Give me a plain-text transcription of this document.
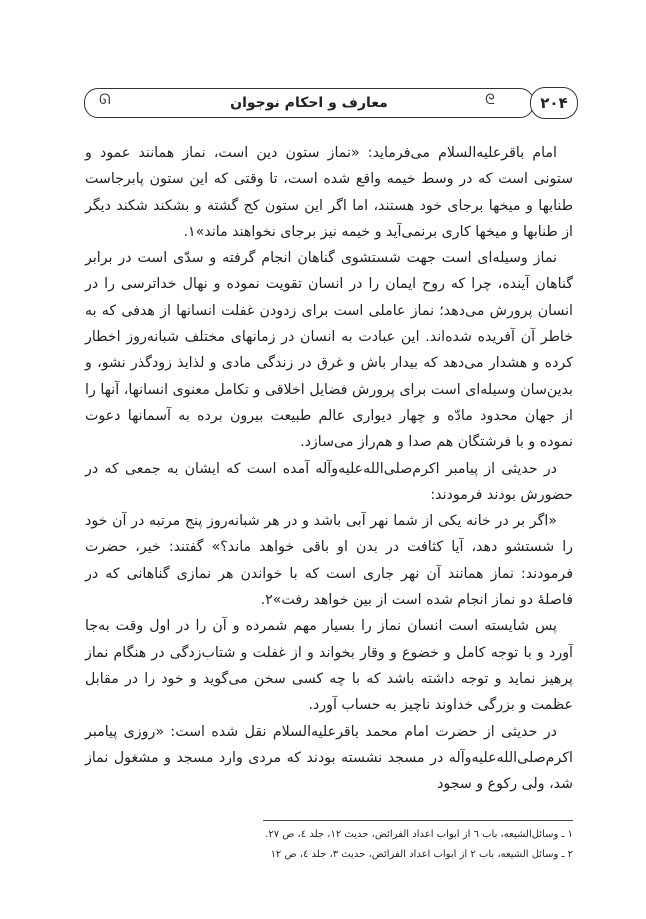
ᘏ	معارف و احکام نوجوان	ᘓ	۲۰۴

امام باقر‌علیه‌السلام می‌فرماید: «نماز ستون دین است، نماز همانند عمود و ستونی است که در وسط خیمه واقع شده است، تا وقتی که این ستون پابرجاست طنابها و میخها برجای خود هستند، اما اگر این ستون کج گشته و بشکند شکند دیگر از طنابها و میخها کاری برنمی‌آید و خیمه نیز برجای نخواهند ماند»۱.

نماز وسیله‌ای است جهت شستشوی گناهان انجام گرفته و سدّی است در برابر گناهان آینده، چرا که روح ایمان را در انسان تقویت نموده و نهال خداترسی را در انسان پرورش می‌دهد؛ نماز عاملی است برای زدودن غفلت انسانها از هدفی که به خاطر آن آفریده شده‌اند. این عبادت به انسان در زمانهای مختلف شبانه‌روز اخطار کرده و هشدار می‌دهد که بیدار باش و غرق در زندگی مادی و لذایذ زودگذر نشو، و بدین‌سان وسیله‌ای است برای پرورش فضایل اخلاقی و تکامل معنوی انسانها، آنها را از جهان محدود مادّه و چهار دیواری عالم طبیعت بیرون برده به آسمانها دعوت نموده و با فرشتگان هم صدا و هم‌راز می‌سازد.

در حدیثی از پیامبر اکرم‌صلی‌الله‌علیه‌وآله آمده است که ایشان به جمعی که در حضورش بودند فرمودند:

«اگر بر در خانه یکی از شما نهر آبی باشد و در هر شبانه‌روز پنج مرتبه در آن خود را شستشو دهد، آیا کثافت در بدن او باقی خواهد ماند؟» گفتند: خیر، حضرت فرمودند: نماز همانند آن نهر جاری است که با خواندن هر نمازی گناهانی که در فاصلهٔ دو نماز انجام شده است از بین خواهد رفت»۲.

پس شایسته است انسان نماز را بسیار مهم شمرده و آن را در اول وقت به‌جا آورد و با توجه کامل و خضوع و وقار بخواند و از غفلت و شتاب‌زدگی در هنگام نماز پرهیز نماید و توجه داشته باشد که با چه کسی سخن می‌گوید و خود را در مقابل عظمت و بزرگی خداوند ناچیز به حساب آورد.

در حدیثی از حضرت امام محمد باقر‌علیه‌السلام نقل شده است: «روزی پیامبر اکرم‌صلی‌الله‌علیه‌وآله در مسجد نشسته بودند که مردی وارد مسجد و مشغول نماز شد، ولی رکوع و سجود

۱ ـ وسائل‌الشیعه، باب ٦ از ابواب اعداد الفرائض، حدیث ۱۲، جلد ٤، ص ۲۷.
۲ ـ وسائل الشیعه، باب ۲ از ابواب اعداد الفرائض، حدیث ۳، جلد ٤، ص ۱۲
